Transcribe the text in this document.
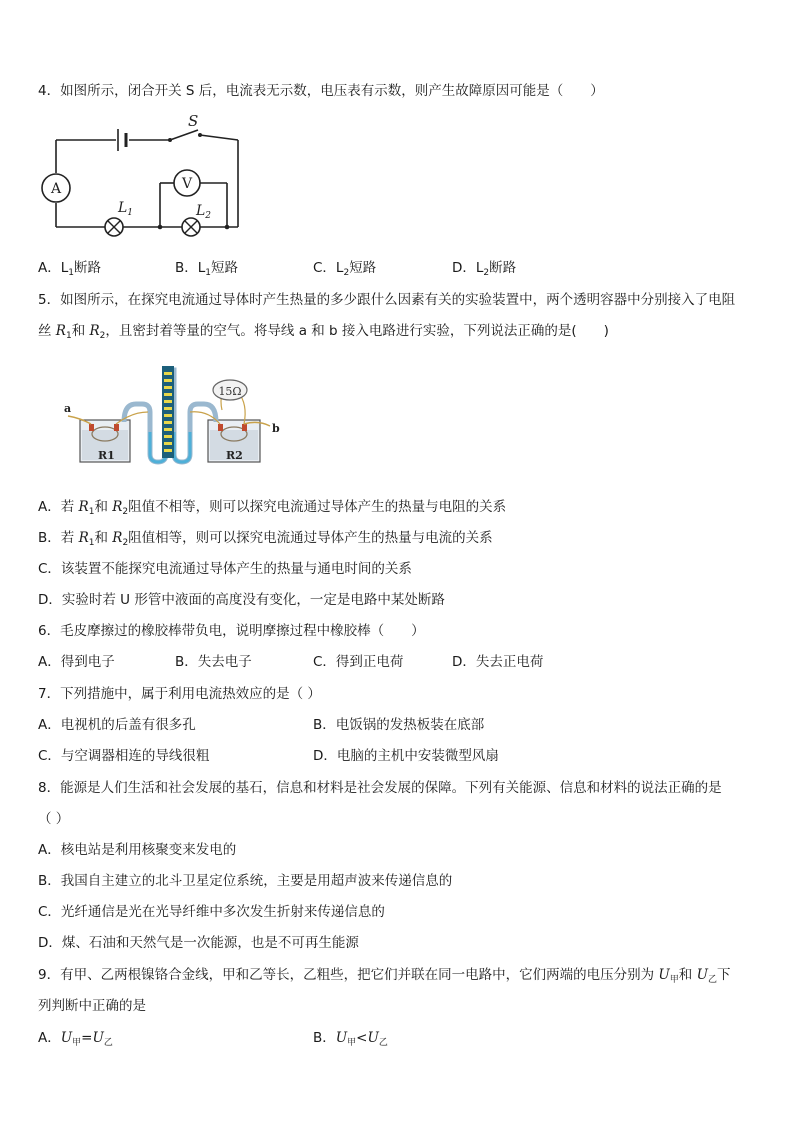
4．如图所示，闭合开关 S 后，电流表无示数，电压表有示数，则产生故障原因可能是（　　）
S
A	V
$L_1$	$L_2$
A．$L_1$断路	B．$L_1$短路	C．$L_2$短路	D．$L_2$断路
5．如图所示，在探究电流通过导体时产生热量的多少跟什么因素有关的实验装置中，两个透明容器中分别接入了电阻
丝 $R_1$和 $R_2$，且密封着等量的空气。将导线 a 和 b 接入电路进行实验，下列说法正确的是(　　)
15Ω
a
b
R1	R2
A．若 $R_1$和 $R_2$阻值不相等，则可以探究电流通过导体产生的热量与电阻的关系
B．若 $R_1$和 $R_2$阻值相等，则可以探究电流通过导体产生的热量与电流的关系
C．该装置不能探究电流通过导体产生的热量与通电时间的关系
D．实验时若 U 形管中液面的高度没有变化，一定是电路中某处断路
6．毛皮摩擦过的橡胶棒带负电，说明摩擦过程中橡胶棒（　　）
A．得到电子	B．失去电子	C．得到正电荷	D．失去正电荷
7．下列措施中，属于利用电流热效应的是（ ）
A．电视机的后盖有很多孔	B．电饭锅的发热板装在底部
C．与空调器相连的导线很粗	D．电脑的主机中安装微型风扇
8．能源是人们生活和社会发展的基石，信息和材料是社会发展的保障。下列有关能源、信息和材料的说法正确的是
（ ）
A．核电站是利用核聚变来发电的
B．我国自主建立的北斗卫星定位系统，主要是用超声波来传递信息的
C．光纤通信是光在光导纤维中多次发生折射来传递信息的
D．煤、石油和天然气是一次能源，也是不可再生能源
9．有甲、乙两根镍铬合金线，甲和乙等长，乙粗些，把它们并联在同一电路中，它们两端的电压分别为 $U_甲$和 $U_乙$下
列判断中正确的是
A．$U_甲=U_乙$	B．$U_甲<U_乙$
